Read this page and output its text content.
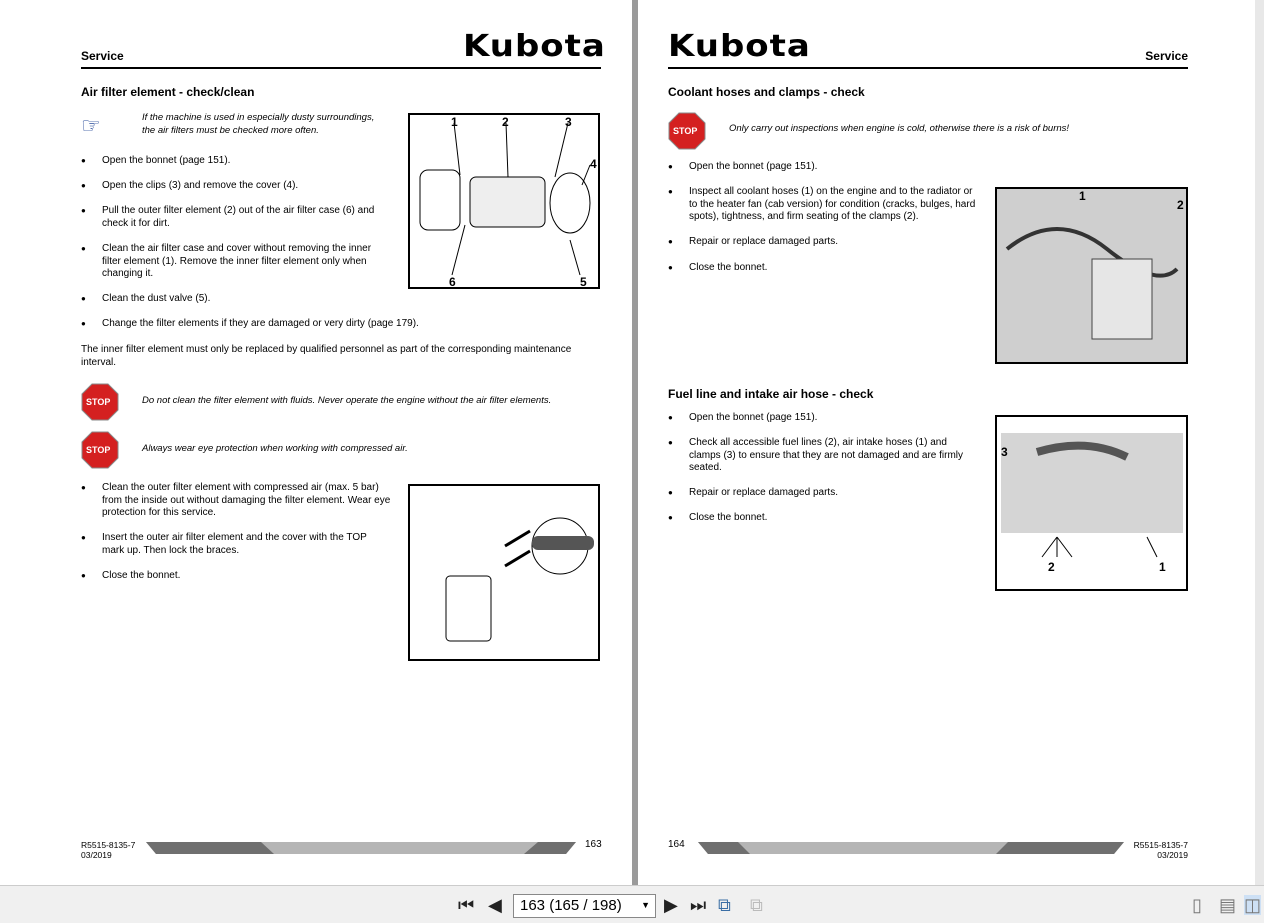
Service	Kubota
Air filter element - check/clean
☞	If the machine is used in especially dusty surroundings, the air filters must be checked more often.
● Open the bonnet (page 151).
● Open the clips (3) and remove the cover (4).
● Pull the outer filter element (2) out of the air filter case (6) and check it for dirt.
● Clean the air filter case and cover without removing the inner filter element (1). Remove the inner filter element only when changing it.
● Clean the dust valve (5).
● Change the filter elements if they are damaged or very dirty (page 179).
1	2	3
4
5
6
The inner filter element must only be replaced by qualified personnel as part of the corresponding maintenance interval.
STOP	Do not clean the filter element with fluids. Never operate the engine without the air filter elements.
STOP	Always wear eye protection when working with compressed air.
● Clean the outer filter element with compressed air (max. 5 bar) from the inside out without damaging the filter element. Wear eye protection for this service.
● Insert the outer air filter element and the cover with the TOP mark up. Then lock the braces.
● Close the bonnet.
R5515-8135-7
03/2019
163
Kubota	Service
Coolant hoses and clamps - check
STOP	Only carry out inspections when engine is cold, otherwise there is a risk of burns!
● Open the bonnet (page 151).
● Inspect all coolant hoses (1) on the engine and to the radiator or to the heater fan (cab version) for condition (cracks, bulges, hard spots), tightness, and firm seating of the clamps (2).
● Repair or replace damaged parts.
● Close the bonnet.
1
2
Fuel line and intake air hose - check
● Open the bonnet (page 151).
● Check all accessible fuel lines (2), air intake hoses (1) and clamps (3) to ensure that they are not damaged and are firmly seated.
● Repair or replace damaged parts.
● Close the bonnet.
3
2	1
164	R5515-8135-7
03/2019
⏮ ◀	163 (165 / 198) ▼ ▶ ⏭ ⧉ ⧉	▯ ▤ ◫
